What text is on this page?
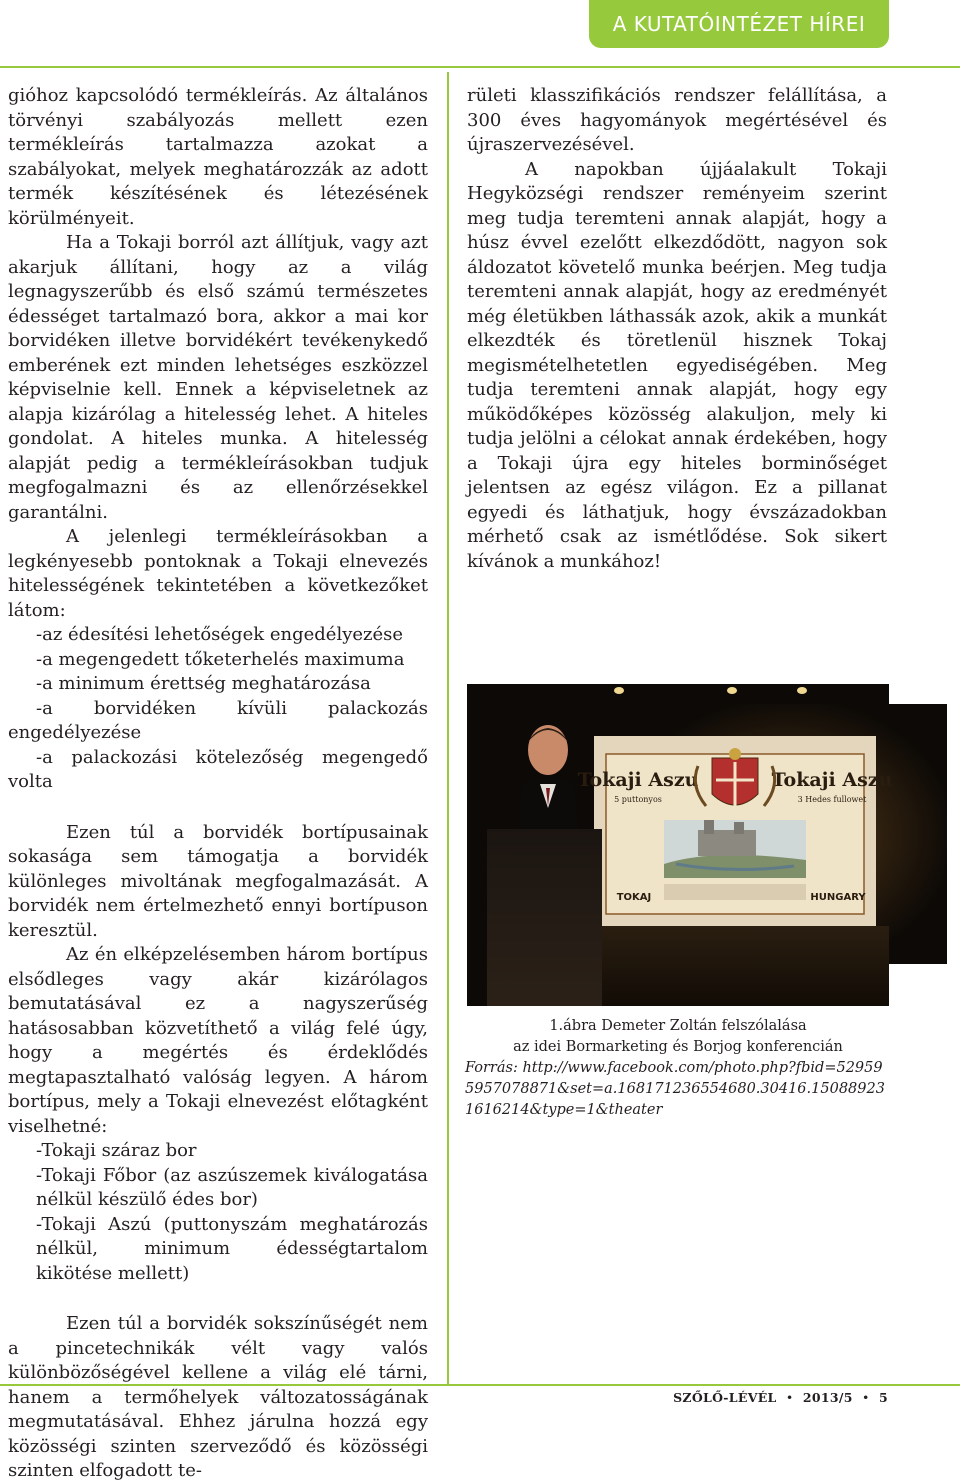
A KUTATÓINTÉZET HÍREI

gióhoz kapcsolódó termékleírás. Az általános törvényi szabályozás mellett ezen termékleírás tartalmazza azokat a szabályokat, melyek meghatározzák az adott termék készítésének és létezésének körülményeit.

Ha a Tokaji borról azt állítjuk, vagy azt akarjuk állítani, hogy az a világ legnagyszerűbb és első számú természetes édességet tartalmazó bora, akkor a mai kor borvidéken illetve borvidékért tevékenykedő emberének ezt minden lehetséges eszközzel képviselnie kell. Ennek a képviseletnek az alapja kizárólag a hitelesség lehet. A hiteles gondolat. A hiteles munka. A hitelesség alapját pedig a termékleírásokban tudjuk megfogalmazni és az ellenőrzésekkel garantálni.

A jelenlegi termékleírásokban a legkényesebb pontoknak a Tokaji elnevezés hitelességének tekintetében a következőket látom:

-az édesítési lehetőségek engedélyezése

-a megengedett tőketerhelés maximuma

-a minimum érettség meghatározása

-a borvidéken kívüli palackozás engedélyezése

-a palackozási kötelezőség megengedő volta

Ezen túl a borvidék bortípusainak sokasága sem támogatja a borvidék különleges mivoltának megfogalmazását. A borvidék nem értelmezhető ennyi bortípuson keresztül.

Az én elképzelésemben három bortípus elsődleges vagy akár kizárólagos bemutatásával ez a nagyszerűség hatásosabban közvetíthető a világ felé úgy, hogy a megértés és érdeklődés megtapasztalható valóság legyen. A három bortípus, mely a Tokaji elnevezést előtagként viselhetné:

-Tokaji száraz bor

-Tokaji Főbor (az aszúszemek kiválogatása nélkül készülő édes bor)

-Tokaji Aszú (puttonyszám meghatározás nélkül, minimum édességtartalom kikötése mellett)

Ezen túl a borvidék sokszínűségét nem a pincetechnikák vélt vagy valós különbözőségével kellene a világ elé tárni, hanem a termőhelyek változatosságának megmutatásával. Ehhez járulna hozzá egy közösségi szinten szerveződő és közösségi szinten elfogadott te-

rületi klasszifikációs rendszer felállítása, a 300 éves hagyományok megértésével és újraszervezésével.

A napokban újjáalakult Tokaji Hegyközségi rendszer reményeim szerint meg tudja teremteni annak alapját, hogy a húsz évvel ezelőtt elkezdődött, nagyon sok áldozatot követelő munka beérjen. Meg tudja teremteni annak alapját, hogy az eredményét még életükben láthassák azok, akik a munkát elkezdték és töretlenül hisznek Tokaj megismételhetetlen egyediségében. Meg tudja teremteni annak alapját, hogy egy működőképes közösség alakuljon, mely ki tudja jelölni a célokat annak érdekében, hogy a Tokaji újra egy hiteles borminőséget jelentsen az egész világon. Ez a pillanat egyedi és láthatjuk, hogy évszázadokban mérhető csak az ismétlődése. Sok sikert kívánok a munkához!

Tokaji Aszu
5 puttonyos
Tokaji Aszu
3 Hedes fullowet
TOKAJ	HUNGARY
1.ábra Demeter Zoltán felszólalása
az idei Bormarketing és Borjog konferencián
Forrás: http://www.facebook.com/photo.php?fbid=529595957078871&set=a.168171236554680.30416.150889231616214&type=1&theater
SZŐLŐ-LÉVÉL • 2013/5 • 5
